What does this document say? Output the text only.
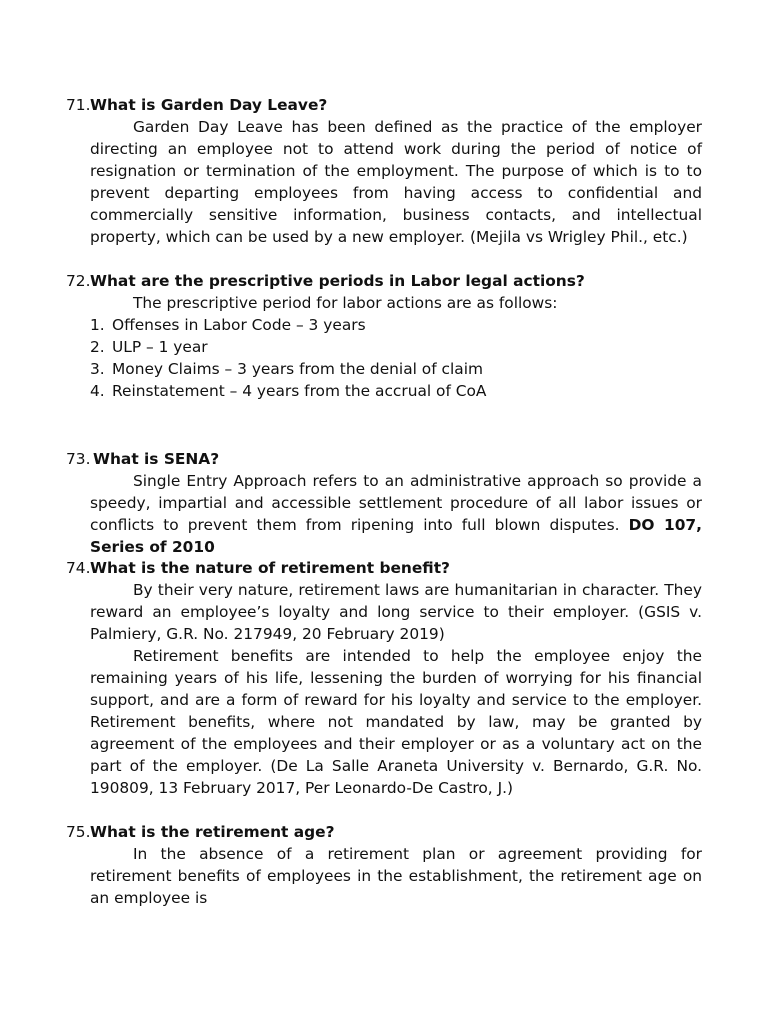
71. What is Garden Day Leave?

Garden Day Leave has been defined as the practice of the employer directing an employee not to attend work during the period of notice of resignation or termination of the employment. The purpose of which is to to prevent departing employees from having access to confidential and commercially sensitive information, business contacts, and intellectual property, which can be used by a new employer. (Mejila vs Wrigley Phil., etc.)

72. What are the prescriptive periods in Labor legal actions?

The prescriptive period for labor actions are as follows:

1. Offenses in Labor Code – 3 years
2. ULP – 1 year
3. Money Claims – 3 years from the denial of claim
4. Reinstatement – 4 years from the accrual of CoA
73. What is SENA?

Single Entry Approach refers to an administrative approach so provide a speedy, impartial and accessible settlement procedure of all labor issues or conflicts to prevent them from ripening into full blown disputes. DO 107, Series of 2010

74. What is the nature of retirement benefit?

By their very nature, retirement laws are humanitarian in character. They reward an employee’s loyalty and long service to their employer. (GSIS v. Palmiery, G.R. No. 217949, 20 February 2019)

Retirement benefits are intended to help the employee enjoy the remaining years of his life, lessening the burden of worrying for his financial support, and are a form of reward for his loyalty and service to the employer. Retirement benefits, where not mandated by law, may be granted by agreement of the employees and their employer or as a voluntary act on the part of the employer. (De La Salle Araneta University v. Bernardo, G.R. No. 190809, 13 February 2017, Per Leonardo-De Castro, J.)

75. What is the retirement age?

In the absence of a retirement plan or agreement providing for retirement benefits of employees in the establishment, the retirement age on an employee is
